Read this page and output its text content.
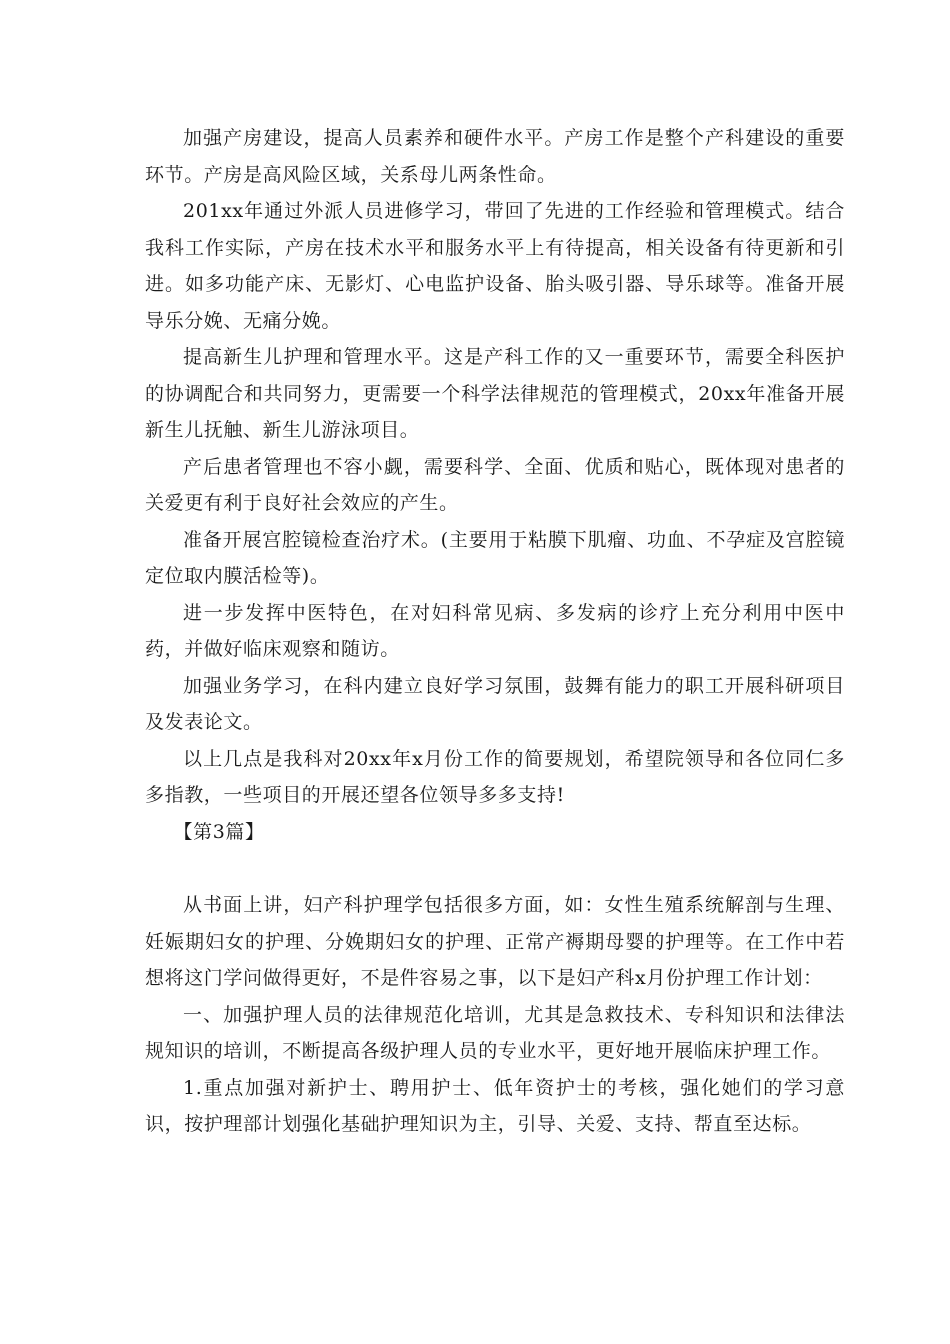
加强产房建设，提高人员素养和硬件水平。产房工作是整个产科建设的重要环节。产房是高风险区域，关系母儿两条性命。

201xx年通过外派人员进修学习，带回了先进的工作经验和管理模式。结合我科工作实际，产房在技术水平和服务水平上有待提高，相关设备有待更新和引进。如多功能产床、无影灯、心电监护设备、胎头吸引器、导乐球等。准备开展导乐分娩、无痛分娩。

提高新生儿护理和管理水平。这是产科工作的又一重要环节，需要全科医护的协调配合和共同努力，更需要一个科学法律规范的管理模式，20xx年准备开展新生儿抚触、新生儿游泳项目。

产后患者管理也不容小觑，需要科学、全面、优质和贴心，既体现对患者的关爱更有利于良好社会效应的产生。

准备开展宫腔镜检查治疗术。(主要用于粘膜下肌瘤、功血、不孕症及宫腔镜定位取内膜活检等)。

进一步发挥中医特色，在对妇科常见病、多发病的诊疗上充分利用中医中药，并做好临床观察和随访。

加强业务学习，在科内建立良好学习氛围，鼓舞有能力的职工开展科研项目及发表论文。

以上几点是我科对20xx年x月份工作的简要规划，希望院领导和各位同仁多多指教，一些项目的开展还望各位领导多多支持!

【第3篇】

从书面上讲，妇产科护理学包括很多方面，如：女性生殖系统解剖与生理、妊娠期妇女的护理、分娩期妇女的护理、正常产褥期母婴的护理等。在工作中若想将这门学问做得更好，不是件容易之事，以下是妇产科x月份护理工作计划：

一、加强护理人员的法律规范化培训，尤其是急救技术、专科知识和法律法规知识的培训，不断提高各级护理人员的专业水平，更好地开展临床护理工作。

1.重点加强对新护士、聘用护士、低年资护士的考核，强化她们的学习意识，按护理部计划强化基础护理知识为主，引导、关爱、支持、帮直至达标。
